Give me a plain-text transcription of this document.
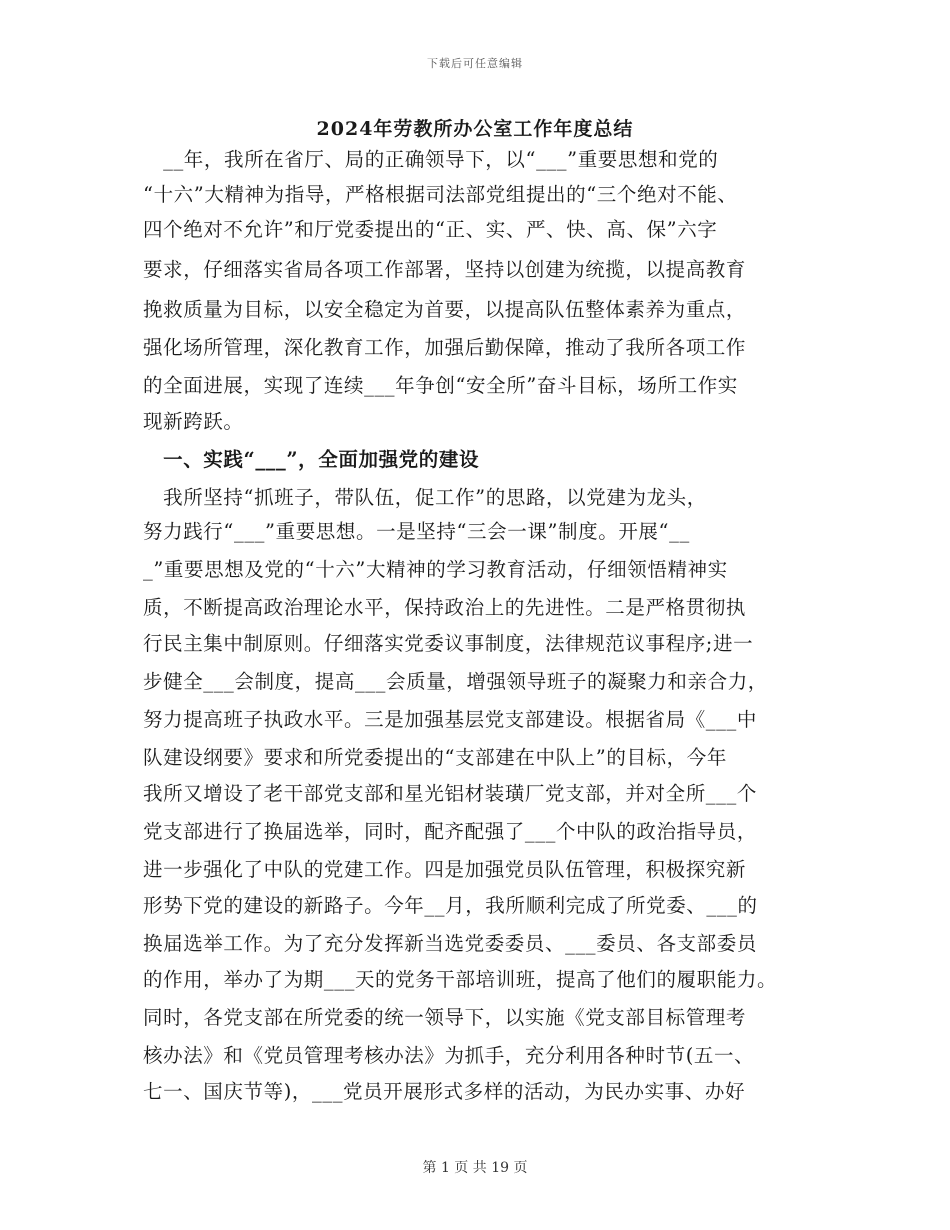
下载后可任意编辑
2024年劳教所办公室工作年度总结
　__年，我所在省厅、局的正确领导下，以“___”重要思想和党的
“十六”大精神为指导，严格根据司法部党组提出的“三个绝对不能、
四个绝对不允许”和厅党委提出的“正、实、严、快、高、保”六字
要求，仔细落实省局各项工作部署，坚持以创建为统揽，以提高教育
挽救质量为目标，以安全稳定为首要，以提高队伍整体素养为重点，
强化场所管理，深化教育工作，加强后勤保障，推动了我所各项工作
的全面进展，实现了连续___年争创“安全所”奋斗目标，场所工作实
现新跨跃。
　一、实践“___”，全面加强党的建设
　我所坚持“抓班子，带队伍，促工作”的思路，以党建为龙头，
努力践行“___”重要思想。一是坚持“三会一课”制度。开展“__
_”重要思想及党的“十六”大精神的学习教育活动，仔细领悟精神实
质，不断提高政治理论水平，保持政治上的先进性。二是严格贯彻执
行民主集中制原则。仔细落实党委议事制度，法律规范议事程序;进一
步健全___会制度，提高___会质量，增强领导班子的凝聚力和亲合力，
努力提高班子执政水平。三是加强基层党支部建设。根据省局《___中
队建设纲要》要求和所党委提出的“支部建在中队上”的目标，今年
我所又增设了老干部党支部和星光铝材装璜厂党支部，并对全所___个
党支部进行了换届选举，同时，配齐配强了___个中队的政治指导员，
进一步强化了中队的党建工作。四是加强党员队伍管理，积极探究新
形势下党的建设的新路子。今年__月，我所顺利完成了所党委、___的
换届选举工作。为了充分发挥新当选党委委员、___委员、各支部委员
的作用，举办了为期___天的党务干部培训班，提高了他们的履职能力。
同时，各党支部在所党委的统一领导下，以实施《党支部目标管理考
核办法》和《党员管理考核办法》为抓手，充分利用各种时节(五一、
七一、国庆节等)，___党员开展形式多样的活动，为民办实事、办好
第 1 页 共 19 页
